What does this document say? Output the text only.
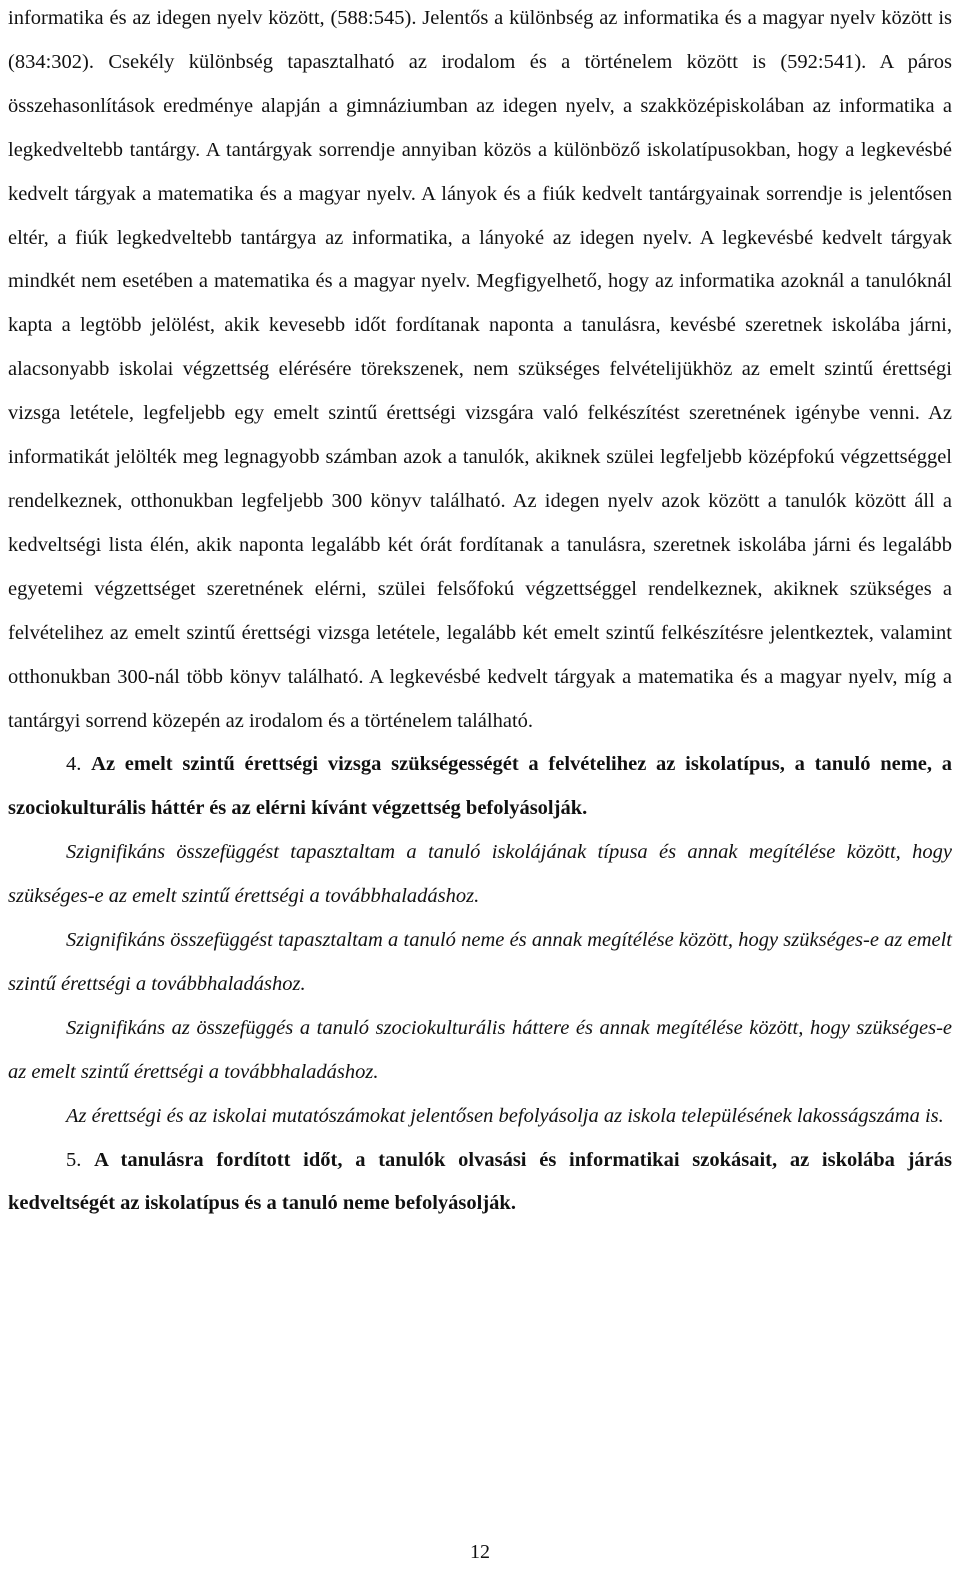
informatika és az idegen nyelv között, (588:545). Jelentős a különbség az informatika és a magyar nyelv között is (834:302). Csekély különbség tapasztalható az irodalom és a történelem között is (592:541). A páros összehasonlítások eredménye alapján a gimnáziumban az idegen nyelv, a szakközépiskolában az informatika a legkedveltebb tantárgy. A tantárgyak sorrendje annyiban közös a különböző iskolatípusokban, hogy a legkevésbé kedvelt tárgyak a matematika és a magyar nyelv. A lányok és a fiúk kedvelt tantárgyainak sorrendje is jelentősen eltér, a fiúk legkedveltebb tantárgya az informatika, a lányoké az idegen nyelv. A legkevésbé kedvelt tárgyak mindkét nem esetében a matematika és a magyar nyelv. Megfigyelhető, hogy az informatika azoknál a tanulóknál kapta a legtöbb jelölést, akik kevesebb időt fordítanak naponta a tanulásra, kevésbé szeretnek iskolába járni, alacsonyabb iskolai végzettség elérésére törekszenek, nem szükséges felvételijükhöz az emelt szintű érettségi vizsga letétele, legfeljebb egy emelt szintű érettségi vizsgára való felkészítést szeretnének igénybe venni. Az informatikát jelölték meg legnagyobb számban azok a tanulók, akiknek szülei legfeljebb középfokú végzettséggel rendelkeznek, otthonukban legfeljebb 300 könyv található. Az idegen nyelv azok között a tanulók között áll a kedveltségi lista élén, akik naponta legalább két órát fordítanak a tanulásra, szeretnek iskolába járni és legalább egyetemi végzettséget szeretnének elérni, szülei felsőfokú végzettséggel rendelkeznek, akiknek szükséges a felvételihez az emelt szintű érettségi vizsga letétele, legalább két emelt szintű felkészítésre jelentkeztek, valamint otthonukban 300-nál több könyv található. A legkevésbé kedvelt tárgyak a matematika és a magyar nyelv, míg a tantárgyi sorrend közepén az irodalom és a történelem található.

4. Az emelt szintű érettségi vizsga szükségességét a felvételihez az iskolatípus, a tanuló neme, a szociokulturális háttér és az elérni kívánt végzettség befolyásolják.

Szignifikáns összefüggést tapasztaltam a tanuló iskolájának típusa és annak megítélése között, hogy szükséges-e az emelt szintű érettségi a továbbhaladáshoz.

Szignifikáns összefüggést tapasztaltam a tanuló neme és annak megítélése között, hogy szükséges-e az emelt szintű érettségi a továbbhaladáshoz.

Szignifikáns az összefüggés a tanuló szociokulturális háttere és annak megítélése között, hogy szükséges-e az emelt szintű érettségi a továbbhaladáshoz.

Az érettségi és az iskolai mutatószámokat jelentősen befolyásolja az iskola településének lakosságszáma is.

5. A tanulásra fordított időt, a tanulók olvasási és informatikai szokásait, az iskolába járás kedveltségét az iskolatípus és a tanuló neme befolyásolják.

12
